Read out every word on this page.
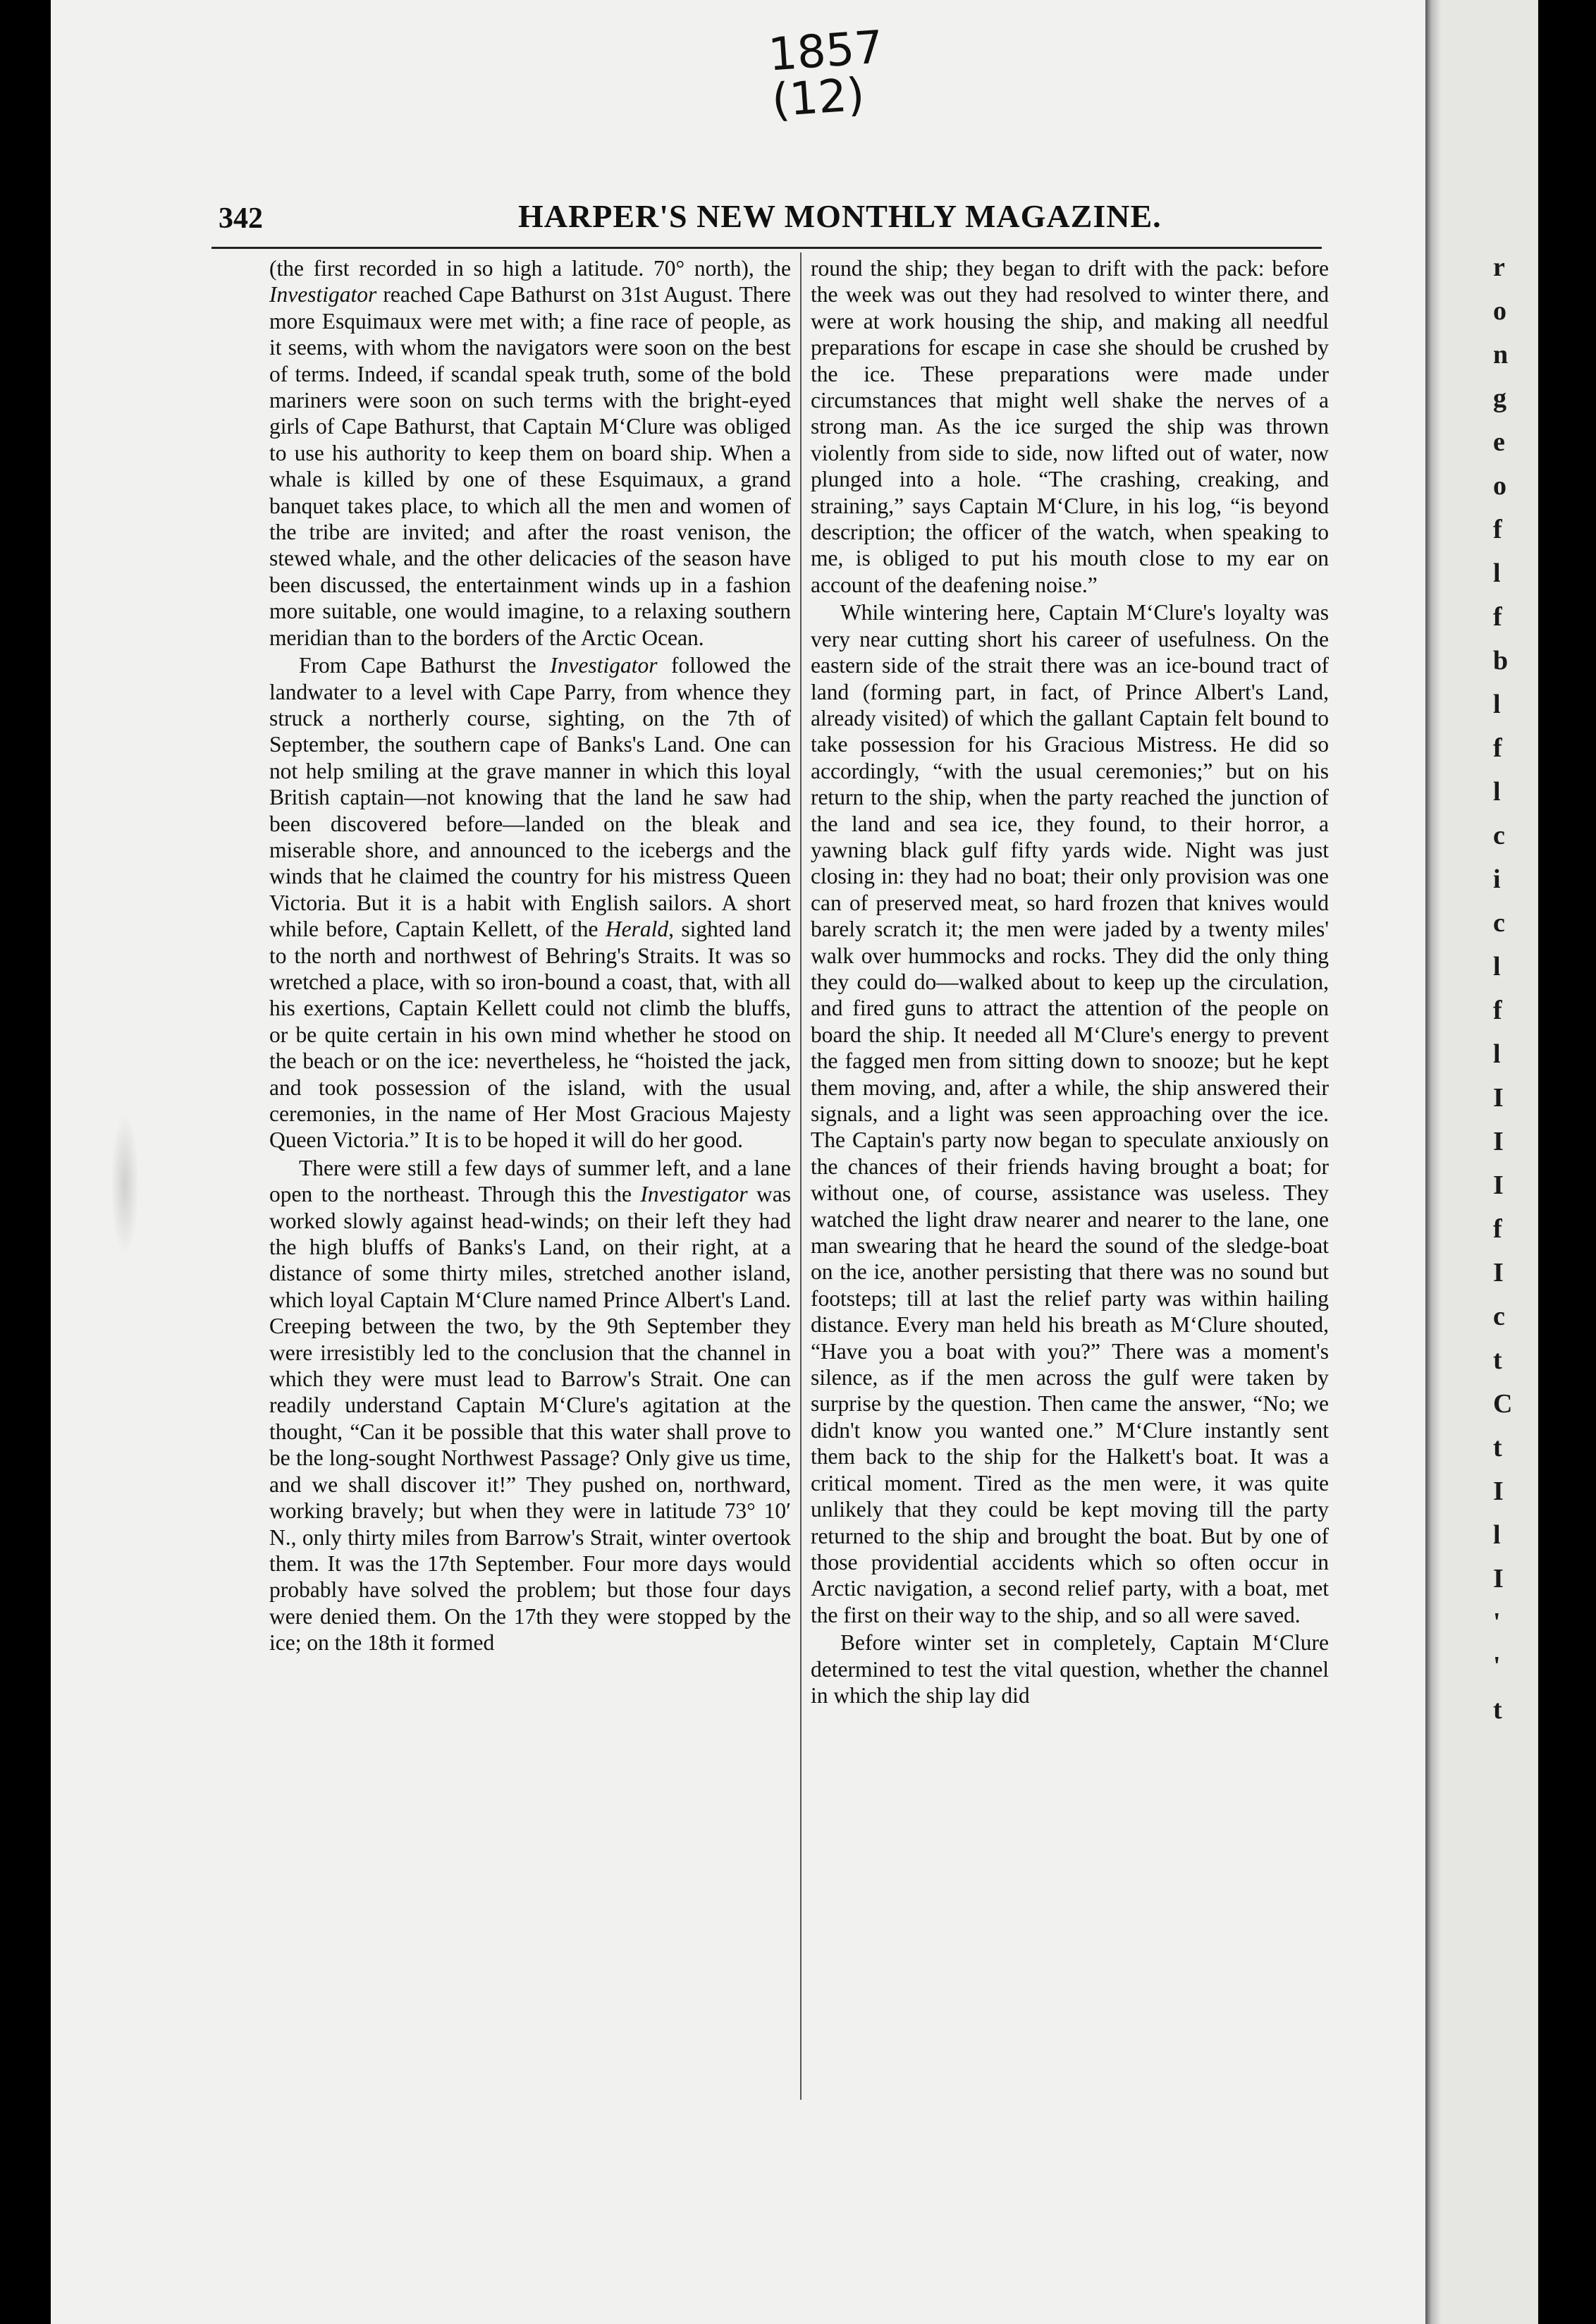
1857
(12)
342	HARPER'S NEW MONTHLY MAGAZINE.

(the first recorded in so high a latitude. 70° north), the Investigator reached Cape Bathurst on 31st August. There more Esquimaux were met with; a fine race of people, as it seems, with whom the navigators were soon on the best of terms. Indeed, if scandal speak truth, some of the bold mariners were soon on such terms with the bright-eyed girls of Cape Bathurst, that Captain M‘Clure was obliged to use his authority to keep them on board ship. When a whale is killed by one of these Esquimaux, a grand banquet takes place, to which all the men and women of the tribe are invited; and after the roast venison, the stewed whale, and the other delicacies of the season have been discussed, the entertainment winds up in a fashion more suitable, one would imagine, to a relaxing southern meridian than to the borders of the Arctic Ocean.

From Cape Bathurst the Investigator followed the landwater to a level with Cape Parry, from whence they struck a northerly course, sighting, on the 7th of September, the southern cape of Banks's Land. One can not help smiling at the grave manner in which this loyal British captain—not knowing that the land he saw had been discovered before—landed on the bleak and miserable shore, and announced to the icebergs and the winds that he claimed the country for his mistress Queen Victoria. But it is a habit with English sailors. A short while before, Captain Kellett, of the Herald, sighted land to the north and northwest of Behring's Straits. It was so wretched a place, with so iron-bound a coast, that, with all his exertions, Captain Kellett could not climb the bluffs, or be quite certain in his own mind whether he stood on the beach or on the ice: nevertheless, he “hoisted the jack, and took possession of the island, with the usual ceremonies, in the name of Her Most Gracious Majesty Queen Victoria.” It is to be hoped it will do her good.

There were still a few days of summer left, and a lane open to the northeast. Through this the Investigator was worked slowly against head-winds; on their left they had the high bluffs of Banks's Land, on their right, at a distance of some thirty miles, stretched another island, which loyal Captain M‘Clure named Prince Albert's Land. Creeping between the two, by the 9th September they were irresistibly led to the conclusion that the channel in which they were must lead to Barrow's Strait. One can readily understand Captain M‘Clure's agitation at the thought, “Can it be possible that this water shall prove to be the long-sought Northwest Passage? Only give us time, and we shall discover it!” They pushed on, northward, working bravely; but when they were in latitude 73° 10′ N., only thirty miles from Barrow's Strait, winter overtook them. It was the 17th September. Four more days would probably have solved the problem; but those four days were denied them. On the 17th they were stopped by the ice; on the 18th it formed

round the ship; they began to drift with the pack: before the week was out they had resolved to winter there, and were at work housing the ship, and making all needful preparations for escape in case she should be crushed by the ice. These preparations were made under circumstances that might well shake the nerves of a strong man. As the ice surged the ship was thrown violently from side to side, now lifted out of water, now plunged into a hole. “The crashing, creaking, and straining,” says Captain M‘Clure, in his log, “is beyond description; the officer of the watch, when speaking to me, is obliged to put his mouth close to my ear on account of the deafening noise.”

While wintering here, Captain M‘Clure's loyalty was very near cutting short his career of usefulness. On the eastern side of the strait there was an ice-bound tract of land (forming part, in fact, of Prince Albert's Land, already visited) of which the gallant Captain felt bound to take possession for his Gracious Mistress. He did so accordingly, “with the usual ceremonies;” but on his return to the ship, when the party reached the junction of the land and sea ice, they found, to their horror, a yawning black gulf fifty yards wide. Night was just closing in: they had no boat; their only provision was one can of preserved meat, so hard frozen that knives would barely scratch it; the men were jaded by a twenty miles' walk over hummocks and rocks. They did the only thing they could do—walked about to keep up the circulation, and fired guns to attract the attention of the people on board the ship. It needed all M‘Clure's energy to prevent the fagged men from sitting down to snooze; but he kept them moving, and, after a while, the ship answered their signals, and a light was seen approaching over the ice. The Captain's party now began to speculate anxiously on the chances of their friends having brought a boat; for without one, of course, assistance was useless. They watched the light draw nearer and nearer to the lane, one man swearing that he heard the sound of the sledge-boat on the ice, another persisting that there was no sound but footsteps; till at last the relief party was within hailing distance. Every man held his breath as M‘Clure shouted, “Have you a boat with you?” There was a moment's silence, as if the men across the gulf were taken by surprise by the question. Then came the answer, “No; we didn't know you wanted one.” M‘Clure instantly sent them back to the ship for the Halkett's boat. It was a critical moment. Tired as the men were, it was quite unlikely that they could be kept moving till the party returned to the ship and brought the boat. But by one of those providential accidents which so often occur in Arctic navigation, a second relief party, with a boat, met the first on their way to the ship, and so all were saved.

Before winter set in completely, Captain M‘Clure determined to test the vital question, whether the channel in which the ship lay did

r
o
n
g
e
o
f
l
f
b
l
f
l
c
i
c
l
f
l
I
I
I
f
I
c
t
C
t
I
l
I
'
'
t
